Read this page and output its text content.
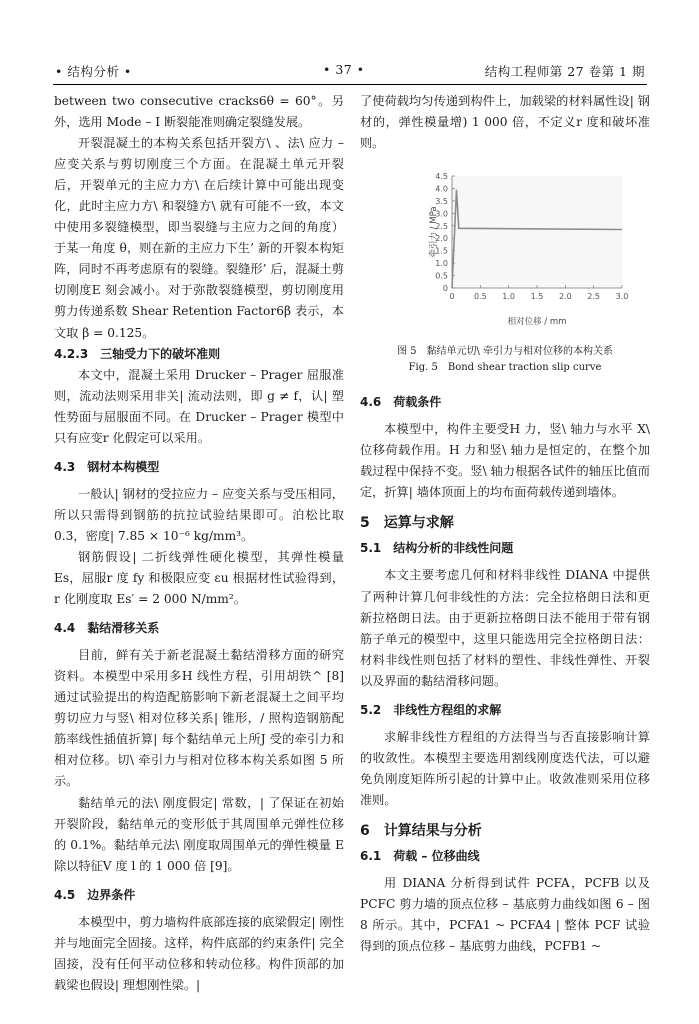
• 结构分析 •	• 37 •	结构工程师第 27 卷第 1 期

between two consecutive cracks6θ = 60°。另外，选用 Mode – I 断裂能准则确定裂缝发展。

开裂混凝土的本构关系包括开裂方\ 、法\ 应力 – 应变关系与剪切刚度三个方面。在混凝土单元开裂后，开裂单元的主应力方\ 在后续计算中可能出现变化，此时主应力方\ 和裂缝方\ 就有可能不一致，本文中使用多裂缝模型，即当裂缝与主应力之间的角度）于某一角度 θ，则在新的主应力下生’ 新的开裂本构矩阵，同时不再考虑原有的裂缝。裂缝形’ 后，混凝土剪切刚度E 刻会减小。对于弥散裂缝模型，剪切刚度用剪力传递系数 Shear Retention Factor6β 表示，本文取 β = 0.125。

4.2.3　三轴受力下的破坏准则

本文中，混凝土采用 Drucker – Prager 屈服准则，流动法则采用非关| 流动法则，即 g ≠ f，认| 塑性势面与屈服面不同。在 Drucker – Prager 模型中只有应变r 化假定可以采用。

4.3　钢材本构模型

一般认| 钢材的受拉应力 – 应变关系与受压相同，所以只需得到钢筋的抗拉试验结果即可。泊松比取 0.3，密度| 7.85 × 10⁻⁶ kg/mm³。

钢筋假设| 二折线弹性硬化模型，其弹性模量 Es，屈服r 度 fy 和极限应变 εu 根据材性试验得到，r 化刚度取 Es′ = 2 000 N/mm²。

4.4　黏结滑移关系

目前，鲜有关于新老混凝土黏结滑移方面的研究资料。本模型中采用多H 线性方程，引用胡铁^ [8] 通过试验提出的构造配筋影响下新老混凝土之间平均剪切应力与竖\ 相对位移关系| 锥形，/ 照构造钢筋配筋率线性插值折算| 每个黏结单元上所J 受的牵引力和相对位移。切\ 牵引力与相对位移本构关系如图 5 所示。

黏结单元的法\ 刚度假定| 常数，| 了保证在初始开裂阶段，黏结单元的变形低于其周围单元弹性位移的 0.1%。黏结单元法\ 刚度取周围单元的弹性模量 E 除以特征V 度 l 的 1 000 倍 [9]。

4.5　边界条件

本模型中，剪力墙构件底部连接的底梁假定| 刚性并与地面完全固接。这样，构件底部的约束条件| 完全固接，没有任何平动位移和转动位移。构件顶部的加载梁也假设| 理想刚性梁。|

了使荷载均匀传递到构件上，加载梁的材料属性设| 钢材的，弹性模量增) 1 000 倍，不定义r 度和破坏准则。

0
0.5
1.0
1.5
2.0
2.5
3.0
3.5
4.0
4.5
0 0.5 1.0 1.5 2.0 2.5 3.0
牵引力 / MPa
相对位移 / mm

图 5　黏结单元切\ 牵引力与相对位移的本构关系

Fig. 5　Bond shear traction slip curve

4.6　荷载条件

本模型中，构件主要受H 力，竖\ 轴力与水平 X\ 位移荷载作用。H 力和竖\ 轴力是恒定的，在整个加载过程中保持不变。竖\ 轴力根据各试件的轴压比值而定，折算| 墙体顶面上的均布面荷载传递到墙体。

5　运算与求解

5.1　结构分析的非线性问题

本文主要考虑几何和材料非线性 DIANA 中提供了两种计算几何非线性的方法：完全拉格朗日法和更新拉格朗日法。由于更新拉格朗日法不能用于带有钢筋子单元的模型中，这里只能选用完全拉格朗日法：材料非线性则包括了材料的塑性、非线性弹性、开裂以及界面的黏结滑移问题。

5.2　非线性方程组的求解

求解非线性方程组的方法得当与否直接影响计算的收敛性。本模型主要选用割线刚度迭代法，可以避免负刚度矩阵所引起的计算中止。收敛准则采用位移准则。

6　计算结果与分析

6.1　荷载 – 位移曲线

用 DIANA 分析得到试件 PCFA，PCFB 以及 PCFC 剪力墙的顶点位移 – 基底剪力曲线如图 6 – 图 8 所示。其中，PCFA1 ~ PCFA4 | 整体 PCF 试验得到的顶点位移 – 基底剪力曲线，PCFB1 ~
